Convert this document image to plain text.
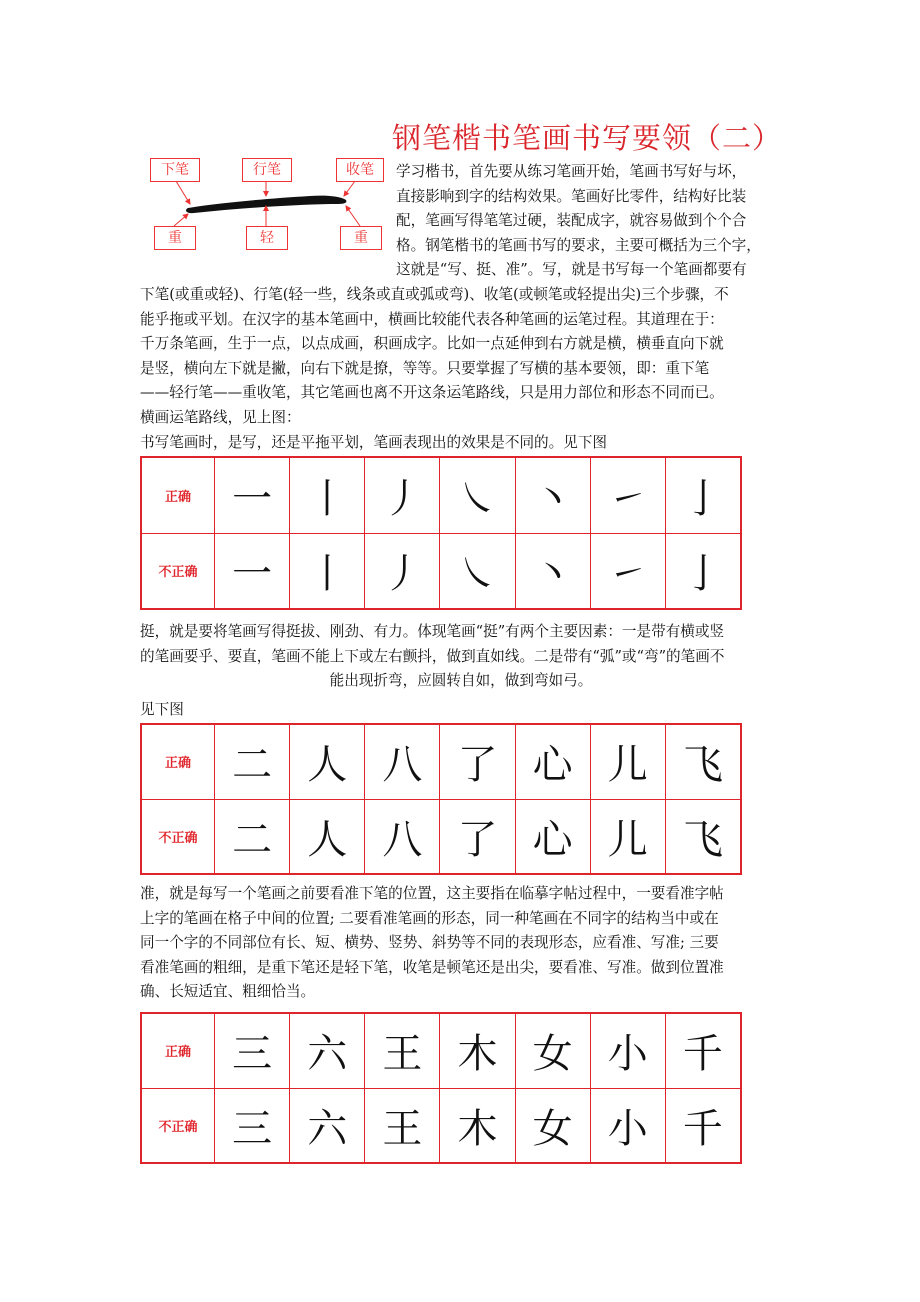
钢笔楷书笔画书写要领（二）
下笔	行笔	收笔
重	轻	重
学习楷书，首先要从练习笔画开始，笔画书写好与坏，
直接影响到字的结构效果。笔画好比零件，结构好比装
配，笔画写得笔笔过硬，装配成字，就容易做到个个合
格。钢笔楷书的笔画书写的要求，主要可概括为三个字，
这就是“写、挺、准”。写，就是书写每一个笔画都要有
下笔(或重或轻)、行笔(轻一些，线条或直或弧或弯)、收笔(或顿笔或轻提出尖)三个步骤，不
能乎拖或平划。在汉字的基本笔画中，横画比较能代表各种笔画的运笔过程。其道理在于：
千万条笔画，生于一点，以点成画，积画成字。比如一点延伸到右方就是横，横垂直向下就
是竖，横向左下就是撇，向右下就是撩，等等。只要掌握了写横的基本要领，即：重下笔
——轻行笔——重收笔，其它笔画也离不开这条运笔路线，只是用力部位和形态不同而已。
横画运笔路线，见上图：
书写笔画时，是写，还是平拖平划，笔画表现出的效果是不同的。见下图
正确	一	丨	丿	㇏	丶	㇀	亅
不正确	一	丨	丿	㇏	丶	㇀	亅
挺，就是要将笔画写得挺拔、刚劲、有力。体现笔画“挺”有两个主要因素：一是带有横或竖
的笔画要乎、要直，笔画不能上下或左右颤抖，做到直如线。二是带有“弧”或“弯”的笔画不
能出现折弯，应圆转自如，做到弯如弓。
见下图
正确	二	人	八	了	心	儿	飞
不正确	二	人	八	了	心	儿	飞
准，就是每写一个笔画之前要看准下笔的位置，这主要指在临摹字帖过程中，一要看准字帖
上字的笔画在格子中间的位置; 二要看准笔画的形态，同一种笔画在不同字的结构当中或在
同一个字的不同部位有长、短、横势、竖势、斜势等不同的表现形态，应看准、写准; 三要
看准笔画的粗细，是重下笔还是轻下笔，收笔是顿笔还是出尖，要看准、写准。做到位置准
确、长短适宜、粗细恰当。
正确	三	六	王	木	女	小	千
不正确	三	六	王	木	女	小	千
